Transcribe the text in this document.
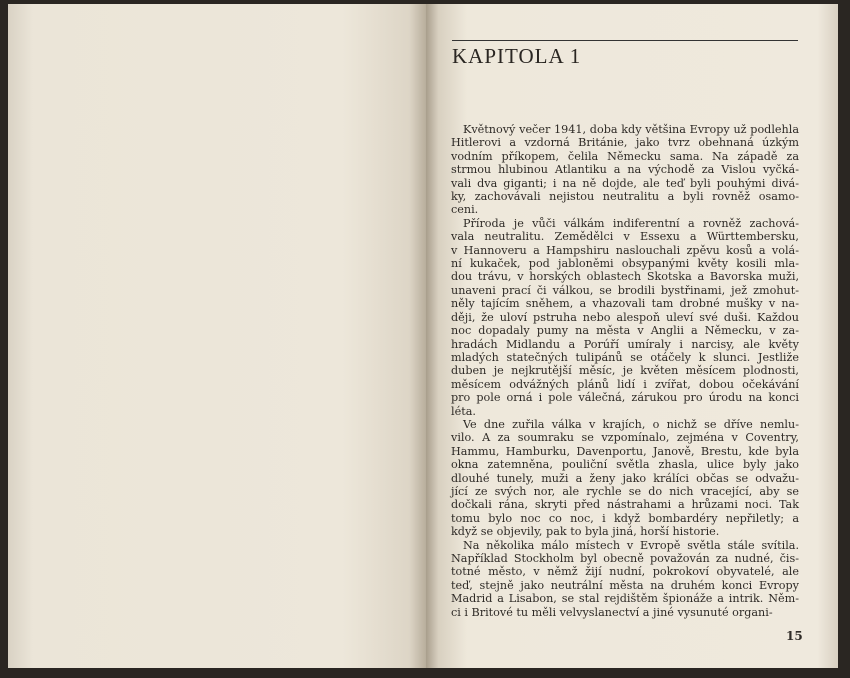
KAPITOLA 1
Květnový večer 1941, doba kdy většina Evropy už podlehla
Hitlerovi a vzdorná Británie, jako tvrz obehnaná úzkým
vodním příkopem, čelila Německu sama. Na západě za
strmou hlubinou Atlantiku a na východě za Vislou vyčká-
vali dva giganti; i na ně dojde, ale teď byli pouhými divá-
ky, zachovávali nejistou neutralitu a byli rovněž osamo-
ceni.
Příroda je vůči válkám indiferentní a rovněž zachová-
vala neutralitu. Zemědělci v Essexu a Württembersku,
v Hannoveru a Hampshiru naslouchali zpěvu kosů a volá-
ní kukaček, pod jabloněmi obsypanými květy kosili mla-
dou trávu, v horských oblastech Skotska a Bavorska muži,
unaveni prací či válkou, se brodili bystřinami, jež zmohut-
něly tajícím sněhem, a vhazovali tam drobné mušky v na-
ději, že uloví pstruha nebo alespoň uleví své duši. Každou
noc dopadaly pumy na města v Anglii a Německu, v za-
hradách Midlandu a Porúří umíraly i narcisy, ale květy
mladých statečných tulipánů se otáčely k slunci. Jestliže
duben je nejkrutější měsíc, je květen měsícem plodnosti,
měsícem odvážných plánů lidí i zvířat, dobou očekávání
pro pole orná i pole válečná, zárukou pro úrodu na konci
léta.
Ve dne zuřila válka v krajích, o nichž se dříve nemlu-
vilo. A za soumraku se vzpomínalo, zejména v Coventry,
Hammu, Hamburku, Davenportu, Janově, Brestu, kde byla
okna zatemněna, pouliční světla zhasla, ulice byly jako
dlouhé tunely, muži a ženy jako králíci občas se odvažu-
jící ze svých nor, ale rychle se do nich vracející, aby se
dočkali rána, skryti před nástrahami a hrůzami noci. Tak
tomu bylo noc co noc, i když bombardéry nepřiletly; a
když se objevily, pak to byla jiná, horší historie.
Na několika málo místech v Evropě světla stále svítila.
Například Stockholm byl obecně považován za nudné, čis-
totné město, v němž žijí nudní, pokrokoví obyvatelé, ale
teď, stejně jako neutrální města na druhém konci Evropy
Madrid a Lisabon, se stal rejdištěm špionáže a intrik. Něm-
ci i Britové tu měli velvyslanectví a jiné vysunuté organi-
15
